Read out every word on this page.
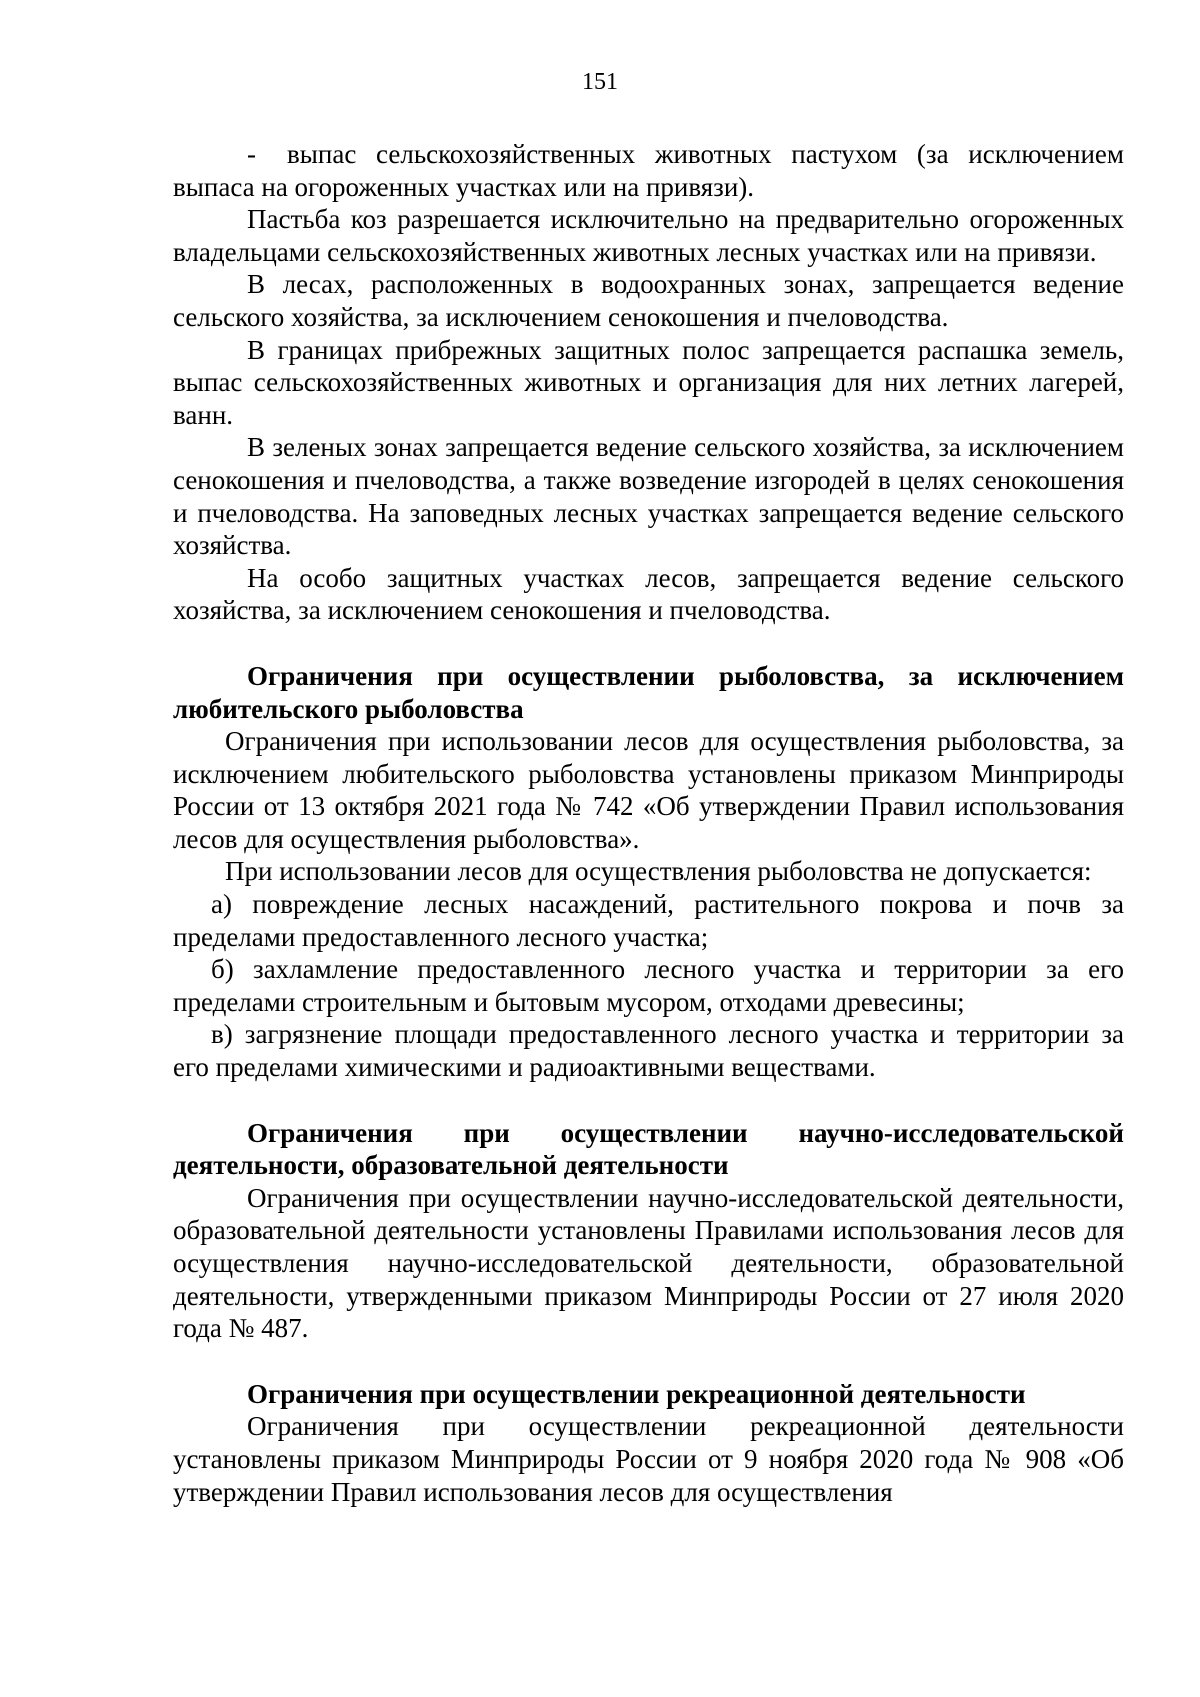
151

- выпас сельскохозяйственных животных пастухом (за исключением выпаса на огороженных участках или на привязи).

Пастьба коз разрешается исключительно на предварительно огороженных владельцами сельскохозяйственных животных лесных участках или на привязи.

В лесах, расположенных в водоохранных зонах, запрещается ведение сельского хозяйства, за исключением сенокошения и пчеловодства.

В границах прибрежных защитных полос запрещается распашка земель, выпас сельскохозяйственных животных и организация для них летних лагерей, ванн.

В зеленых зонах запрещается ведение сельского хозяйства, за исключением сенокошения и пчеловодства, а также возведение изгородей в целях сенокошения и пчеловодства. На заповедных лесных участках запрещается ведение сельского хозяйства.

На особо защитных участках лесов, запрещается ведение сельского хозяйства, за исключением сенокошения и пчеловодства.

Ограничения при осуществлении рыболовства, за исключением любительского рыболовства

Ограничения при использовании лесов для осуществления рыболовства, за исключением любительского рыболовства установлены приказом Минприроды России от 13 октября 2021 года № 742 «Об утверждении Правил использования лесов для осуществления рыболовства».

При использовании лесов для осуществления рыболовства не допускается:

а) повреждение лесных насаждений, растительного покрова и почв за пределами предоставленного лесного участка;

б) захламление предоставленного лесного участка и территории за его пределами строительным и бытовым мусором, отходами древесины;

в) загрязнение площади предоставленного лесного участка и территории за его пределами химическими и радиоактивными веществами.

Ограничения при осуществлении научно-исследовательской деятельности, образовательной деятельности

Ограничения при осуществлении научно-исследовательской деятельности, образовательной деятельности установлены Правилами использования лесов для осуществления научно-исследовательской деятельности, образовательной деятельности, утвержденными приказом Минприроды России от 27 июля 2020 года № 487.

Ограничения при осуществлении рекреационной деятельности

Ограничения при осуществлении рекреационной деятельности установлены приказом Минприроды России от 9 ноября 2020 года № 908 «Об утверждении Правил использования лесов для осуществления
